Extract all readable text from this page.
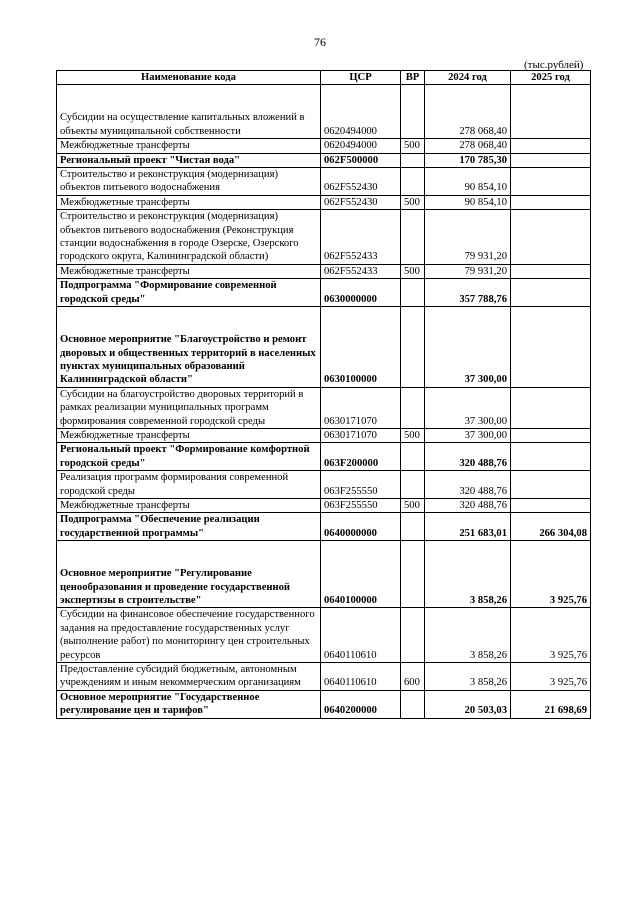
76
(тыс.рублей)
Наименование кода	ЦСР	ВР	2024 год	2025 год
Субсидии на осуществление капитальных вложений в объекты муниципальной собственности	0620494000		278 068,40	
Межбюджетные трансферты	0620494000	500	278 068,40	
Региональный проект "Чистая вода"	062F500000		170 785,30	
Строительство и реконструкция (модернизация) объектов питьевого водоснабжения	062F552430		90 854,10	
Межбюджетные трансферты	062F552430	500	90 854,10	
Строительство и реконструкция (модернизация) объектов питьевого водоснабжения (Реконструкция станции водоснабжения в городе Озерске, Озерского городского округа, Калининградской области)	062F552433		79 931,20	
Межбюджетные трансферты	062F552433	500	79 931,20	
Подпрограмма "Формирование современной городской среды"	0630000000		357 788,76	
Основное мероприятие "Благоустройство и ремонт дворовых и общественных территорий в населенных пунктах муниципальных образований Калининградской области"	0630100000		37 300,00	
Субсидии на благоустройство дворовых территорий в рамках реализации муниципальных программ формирования современной городской среды	0630171070		37 300,00	
Межбюджетные трансферты	0630171070	500	37 300,00	
Региональный проект "Формирование комфортной городской среды"	063F200000		320 488,76	
Реализация программ формирования современной городской среды	063F255550		320 488,76	
Межбюджетные трансферты	063F255550	500	320 488,76	
Подпрограмма "Обеспечение реализации государственной программы"	0640000000		251 683,01	266 304,08
Основное мероприятие "Регулирование ценообразования и проведение государственной экспертизы в строительстве"	0640100000		3 858,26	3 925,76
Субсидии на финансовое обеспечение государственного задания на предоставление государственных услуг (выполнение работ) по мониторингу цен строительных ресурсов	0640110610		3 858,26	3 925,76
Предоставление субсидий бюджетным, автономным учреждениям и иным некоммерческим организациям	0640110610	600	3 858,26	3 925,76
Основное мероприятие "Государственное регулирование цен и тарифов"	0640200000		20 503,03	21 698,69
